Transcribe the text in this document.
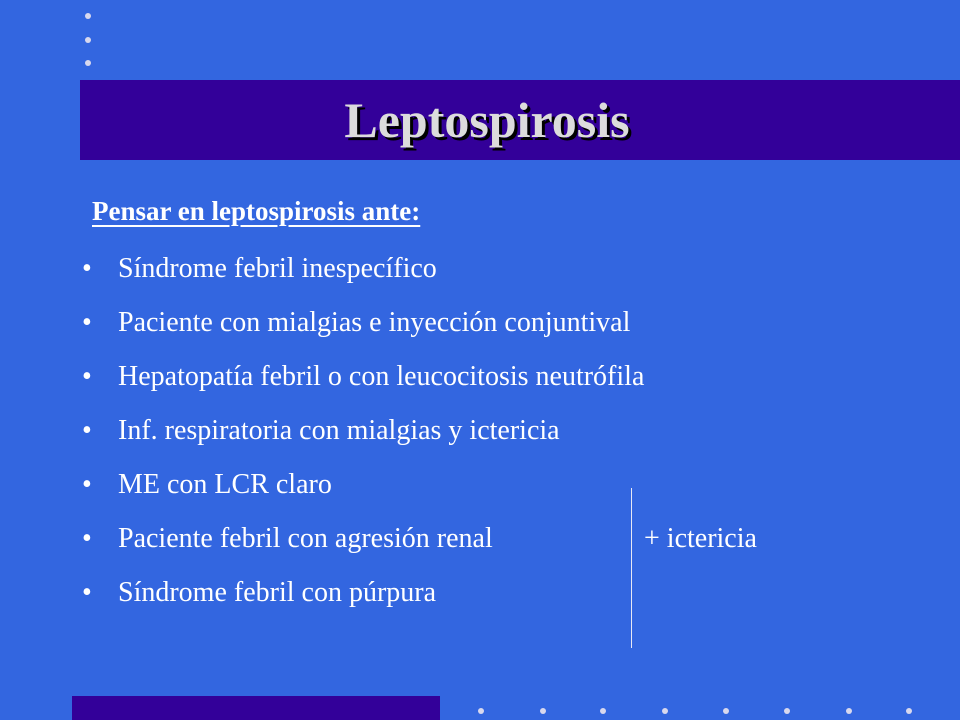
Leptospirosis

Pensar en leptospirosis ante:

• Síndrome febril inespecífico
• Paciente con mialgias e inyección conjuntival
• Hepatopatía febril o con leucocitosis neutrófila
• Inf. respiratoria con mialgias y ictericia
• ME con LCR claro
• Paciente febril con agresión renal
• Síndrome febril con púrpura
+ ictericia
